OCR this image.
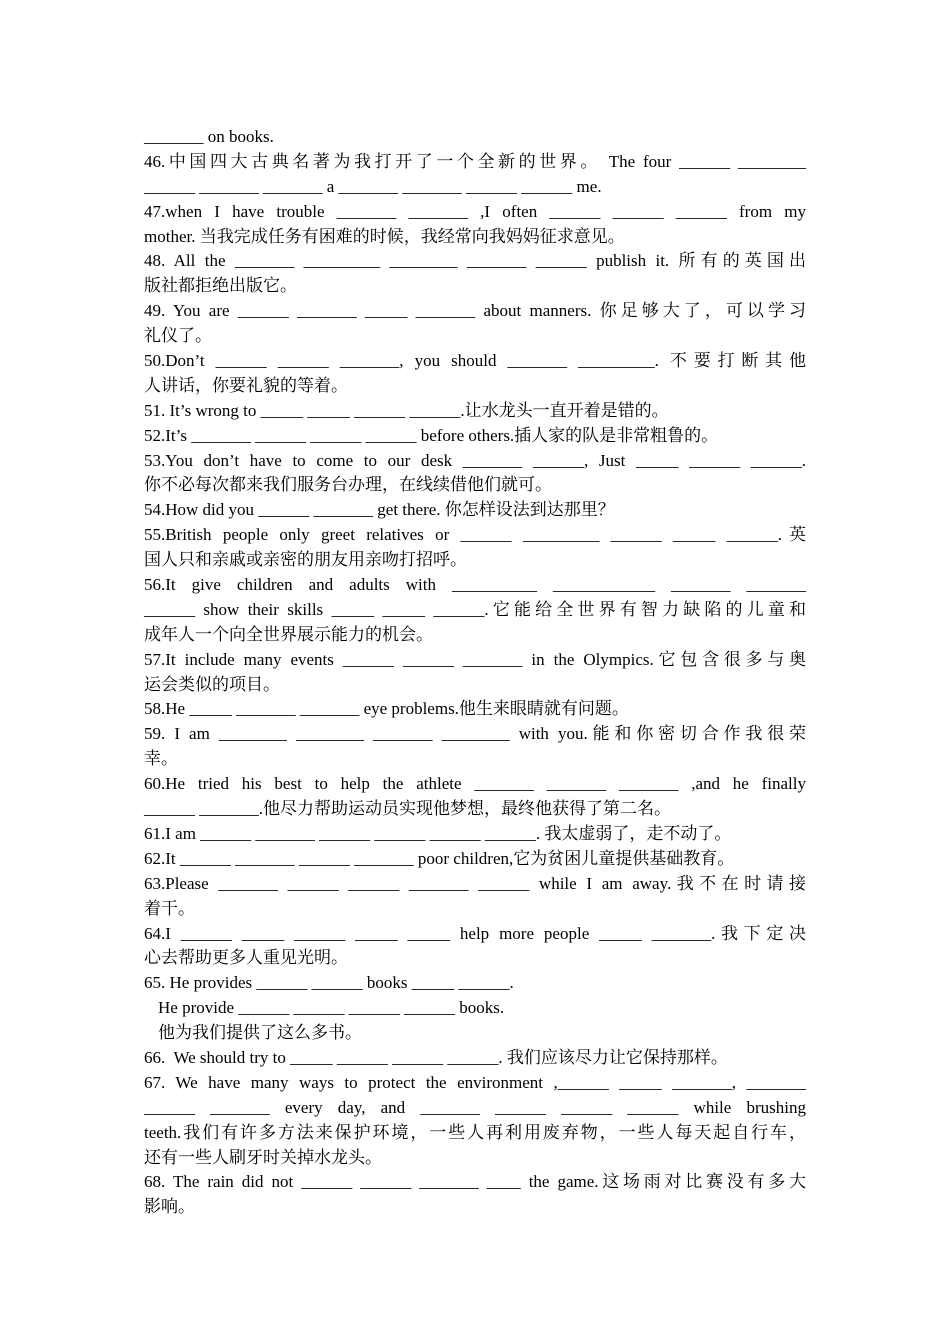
_______ on books.
46.中国四大古典名著为我打开了一个全新的世界。 The four ______ ________
______ _______ _______ a _______ _______ ______ ______ me.
47.when I have trouble _______ _______ ,I often ______ ______ ______ from my
mother. 当我完成任务有困难的时候，我经常向我妈妈征求意见。
48. All the _______ _________ ________ _______ ______ publish it. 所有的英国出
版社都拒绝出版它。
49. You are ______ _______ _____ _______ about manners. 你足够大了，可以学习
礼仪了。
50.Don’t ______ ______ _______, you should _______ _________. 不要打断其他
人讲话，你要礼貌的等着。
51. It’s wrong to _____ _____ ______ ______.让水龙头一直开着是错的。
52.It’s _______ ______ ______ ______ before others.插人家的队是非常粗鲁的。
53.You don’t have to come to our desk _______ ______, Just _____ ______ ______.
你不必每次都来我们服务台办理，在线续借他们就可。
54.How did you ______ _______ get there. 你怎样设法到达那里？
55.British people only greet relatives or ______ _________ ______ _____ ______.英
国人只和亲戚或亲密的朋友用亲吻打招呼。
56.It give children and adults with __________ ____________ _______ _______
______ show their skills _____ _____ ______.它能给全世界有智力缺陷的儿童和
成年人一个向全世界展示能力的机会。
57.It include many events ______ ______ _______ in the Olympics.它包含很多与奥
运会类似的项目。
58.He _____ _______ _______ eye problems.他生来眼睛就有问题。
59. I am ________ ________ _______ ________ with you.能和你密切合作我很荣
幸。
60.He tried his best to help the athlete _______ _______ _______ ,and he finally
______ _______.他尽力帮助运动员实现他梦想，最终他获得了第二名。
61.I am ______ _______ ______ ______ ______ ______. 我太虚弱了，走不动了。
62.It ______ _______ ______ _______ poor children,它为贫困儿童提供基础教育。
63.Please _______ ______ ______ _______ ______ while I am away.我不在时请接
着干。
64.I ______ _____ ______ _____ _____ help more people _____ _______.我下定决
心去帮助更多人重见光明。
65. He provides ______ ______ books _____ ______.
He provide ______ ______ ______ ______ books.
他为我们提供了这么多书。
66.  We should try to _____ ______ ______ ______. 我们应该尽力让它保持那样。
67. We have many ways to protect the environment ,______ _____ _______, _______
______ _______ every day, and _______ ______ ______ ______ while brushing
teeth.我们有许多方法来保护环境，一些人再利用废弃物，一些人每天起自行车，
还有一些人刷牙时关掉水龙头。
68. The rain did not ______ ______ _______ ____ the game.这场雨对比赛没有多大
影响。
